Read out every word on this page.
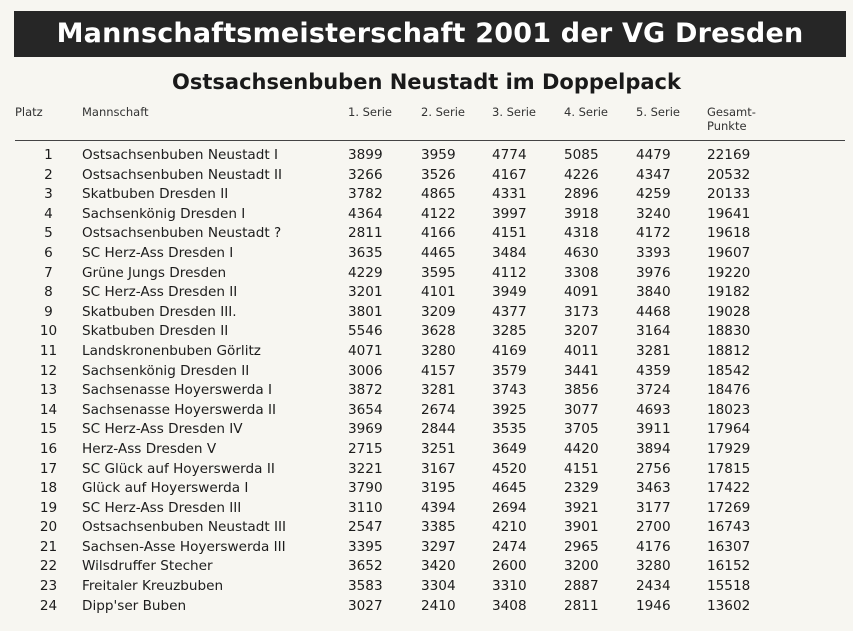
Mannschaftsmeisterschaft 2001 der VG Dresden
Ostsachsenbuben Neustadt im Doppelpack
Platz	Mannschaft	1. Serie	2. Serie	3. Serie	4. Serie	5. Serie	Gesamt-
Punkte
1	Ostsachsenbuben Neustadt I	3899	3959	4774	5085	4479	22169
2	Ostsachsenbuben Neustadt II	3266	3526	4167	4226	4347	20532
3	Skatbuben Dresden II	3782	4865	4331	2896	4259	20133
4	Sachsenkönig Dresden I	4364	4122	3997	3918	3240	19641
5	Ostsachsenbuben Neustadt ?	2811	4166	4151	4318	4172	19618
6	SC Herz-Ass Dresden I	3635	4465	3484	4630	3393	19607
7	Grüne Jungs Dresden	4229	3595	4112	3308	3976	19220
8	SC Herz-Ass Dresden II	3201	4101	3949	4091	3840	19182
9	Skatbuben Dresden III.	3801	3209	4377	3173	4468	19028
10	Skatbuben Dresden II	5546	3628	3285	3207	3164	18830
11	Landskronenbuben Görlitz	4071	3280	4169	4011	3281	18812
12	Sachsenkönig Dresden II	3006	4157	3579	3441	4359	18542
13	Sachsenasse Hoyerswerda I	3872	3281	3743	3856	3724	18476
14	Sachsenasse Hoyerswerda II	3654	2674	3925	3077	4693	18023
15	SC Herz-Ass Dresden IV	3969	2844	3535	3705	3911	17964
16	Herz-Ass Dresden V	2715	3251	3649	4420	3894	17929
17	SC Glück auf Hoyerswerda II	3221	3167	4520	4151	2756	17815
18	Glück auf Hoyerswerda I	3790	3195	4645	2329	3463	17422
19	SC Herz-Ass Dresden III	3110	4394	2694	3921	3177	17269
20	Ostsachsenbuben Neustadt III	2547	3385	4210	3901	2700	16743
21	Sachsen-Asse Hoyerswerda III	3395	3297	2474	2965	4176	16307
22	Wilsdruffer Stecher	3652	3420	2600	3200	3280	16152
23	Freitaler Kreuzbuben	3583	3304	3310	2887	2434	15518
24	Dipp'ser Buben	3027	2410	3408	2811	1946	13602
